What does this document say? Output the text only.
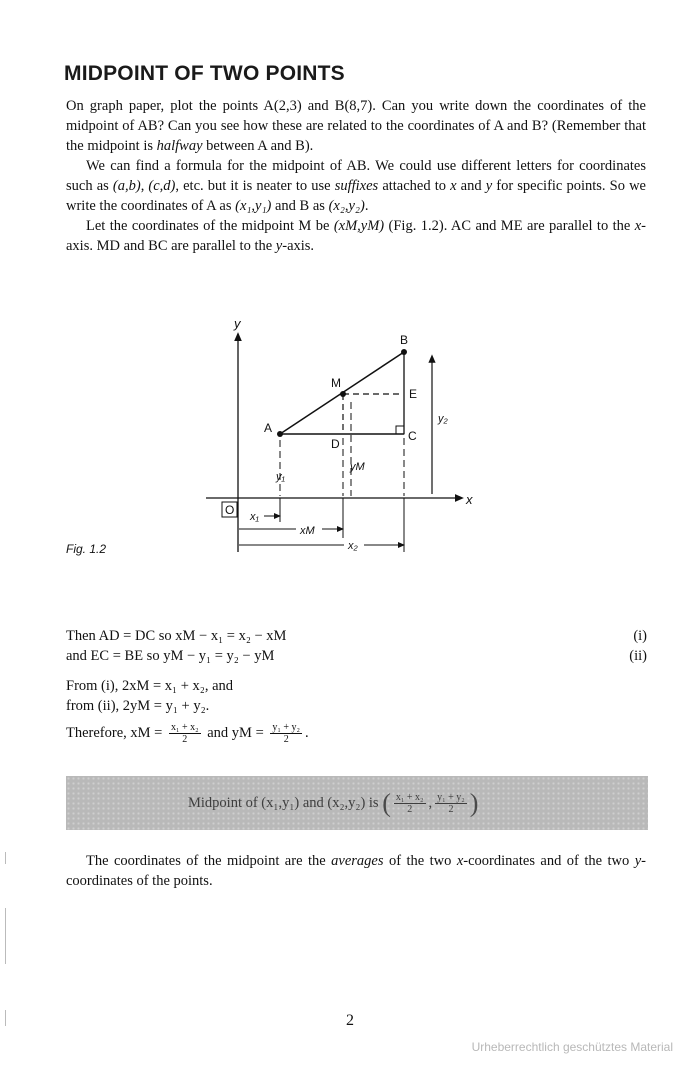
MIDPOINT OF TWO POINTS

On graph paper, plot the points A(2,3) and B(8,7). Can you write down the coordinates of the midpoint of AB? Can you see how these are related to the coordinates of A and B? (Remember that the midpoint is halfway between A and B).

We can find a formula for the midpoint of AB. We could use different letters for coordinates such as (a,b), (c,d), etc. but it is neater to use suffixes attached to x and y for specific points. So we write the coordinates of A as (x₁,y₁) and B as (x₂,y₂).

Let the coordinates of the midpoint M be (xM,yM) (Fig. 1.2). AC and ME are parallel to the x-axis. MD and BC are parallel to the y-axis.

y
x
O x₁
xM
x₂
A
B
M
E
C
D
y₁
yM
y₂
Fig. 1.2
Then AD = DC so xM − x₁ = x₂ − xM	(i)
and EC = BE so yM − y₁ = y₂ − yM	(ii)
From (i), 2xM = x₁ + x₂, and
from (ii), 2yM = y₁ + y₂.
Therefore, xM = $\frac{\text{x₁ + x₂}}{2}$ and yM = $\frac{\text{y₁ + y₂}}{2}$ .
Midpoint of (x₁,y₁) and (x₂,y₂) is ( $\frac{\text{x₁ + x₂}}{2}$ , $\frac{\text{y₁ + y₂}}{2}$ )

The coordinates of the midpoint are the averages of the two x-coordinates and of the two y-coordinates of the points.

2
Urheberrechtlich geschütztes Material
